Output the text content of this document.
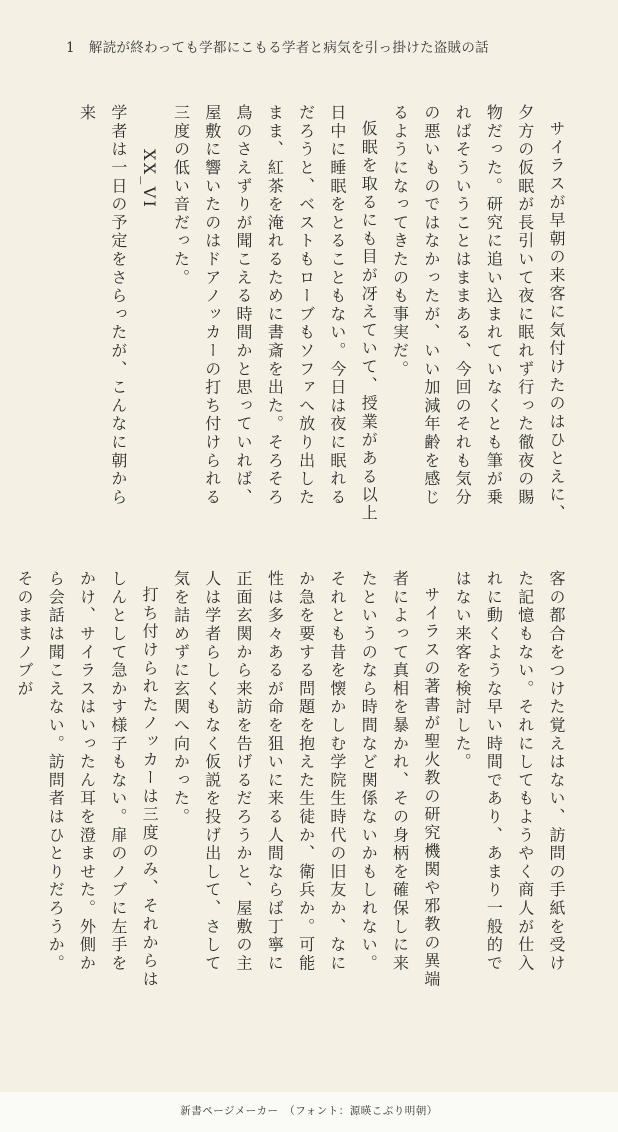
1 解読が終わっても学都にこもる学者と病気を引っ掛けた盗賊の話

サイラスが早朝の来客に気付けたのはひとえに、夕方の仮眠が長引いて夜に眠れず行った徹夜の賜物だった。研究に追い込まれていなくとも筆が乗ればそういうことはままある、今回のそれも気分の悪いものではなかったが、いい加減年齢を感じるようになってきたのも事実だ。

仮眠を取るにも目が冴えていて、授業がある以上日中に睡眠をとることもない。今日は夜に眠れるだろうと、ベストもローブもソファへ放り出したまま、紅茶を淹れるために書斎を出た。そろそろ鳥のさえずりが聞こえる時間かと思っていれば、屋敷に響いたのはドアノッカーの打ち付けられる三度の低い音だった。

XX_VI

学者は一日の予定をさらったが、こんなに朝から来

客の都合をつけた覚えはない、訪問の手紙を受けた記憶もない。それにしてもようやく商人が仕入れに動くような早い時間であり、あまり一般的ではない来客を検討した。

サイラスの著書が聖火教の研究機関や邪教の異端者によって真相を暴かれ、その身柄を確保しに来たというのなら時間など関係ないかもしれない。それとも昔を懐かしむ学院生時代の旧友か、なにか急を要する問題を抱えた生徒か、衛兵か。可能性は多々あるが命を狙いに来る人間ならば丁寧に正面玄関から来訪を告げるだろうかと、屋敷の主人は学者らしくもなく仮説を投げ出して、さして気を詰めずに玄関へ向かった。

打ち付けられたノッカーは三度のみ、それからはしんとして急かす様子もない。扉のノブに左手をかけ、サイラスはいったん耳を澄ませた。外側から会話は聞こえない。訪問者はひとりだろうか。そのままノブが

新書ページメーカー　（フォント：源暎こぶり明朝）
